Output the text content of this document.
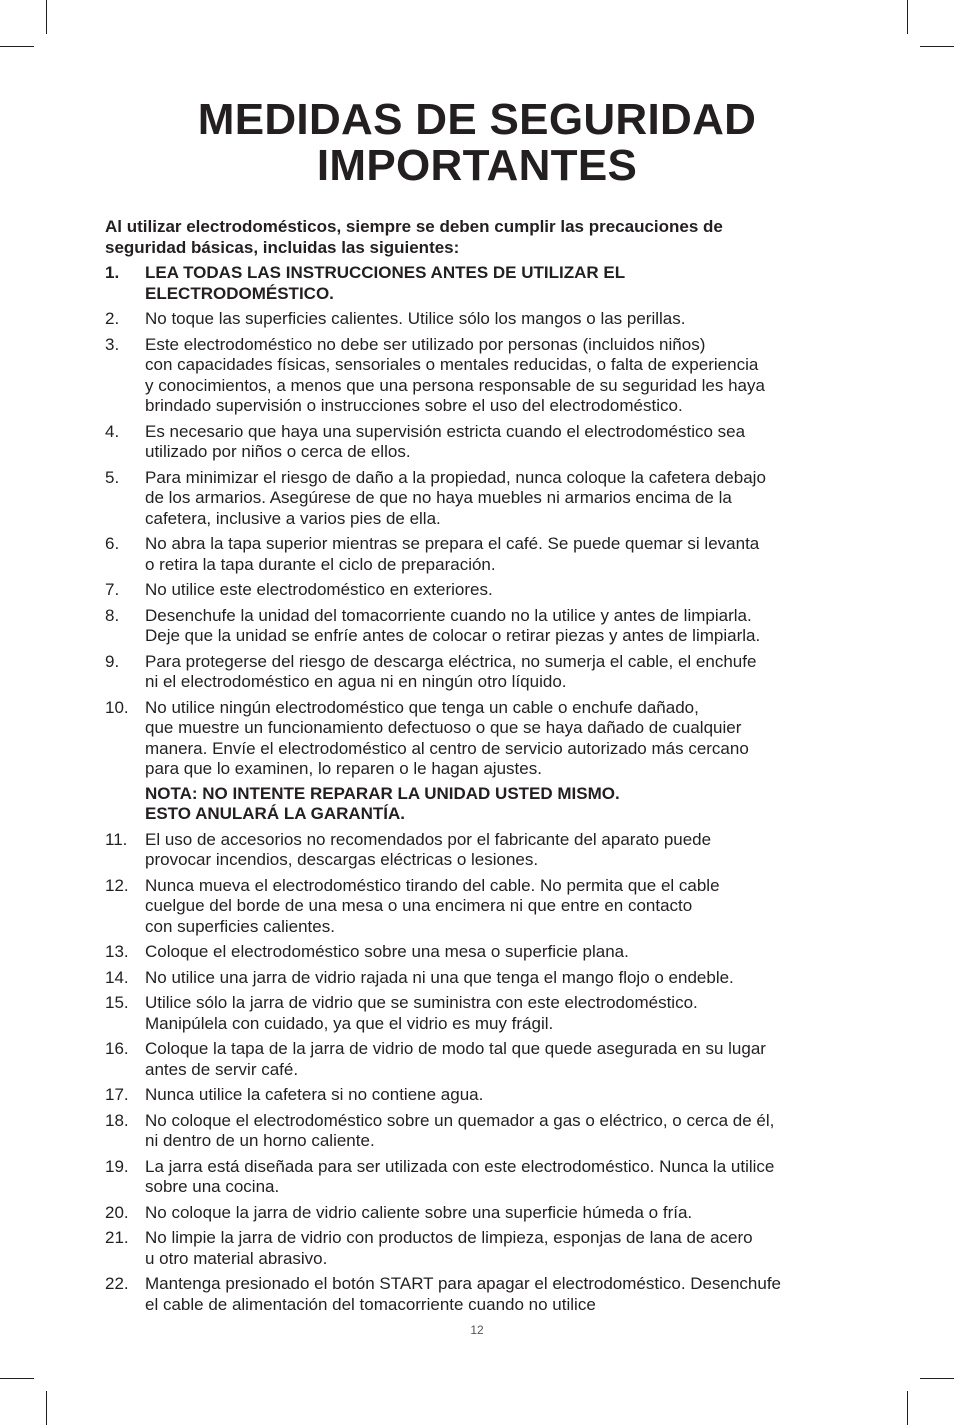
MEDIDAS DE SEGURIDAD
IMPORTANTES

Al utilizar electrodomésticos, siempre se deben cumplir las precauciones de
seguridad básicas, incluidas las siguientes:

1. LEA TODAS LAS INSTRUCCIONES ANTES DE UTILIZAR EL
ELECTRODOMÉSTICO.
2. No toque las superficies calientes. Utilice sólo los mangos o las perillas.
3. Este electrodoméstico no debe ser utilizado por personas (incluidos niños)
con capacidades físicas, sensoriales o mentales reducidas, o falta de experiencia
y conocimientos, a menos que una persona responsable de su seguridad les haya
brindado supervisión o instrucciones sobre el uso del electrodoméstico.
4. Es necesario que haya una supervisión estricta cuando el electrodoméstico sea
utilizado por niños o cerca de ellos.
5. Para minimizar el riesgo de daño a la propiedad, nunca coloque la cafetera debajo
de los armarios. Asegúrese de que no haya muebles ni armarios encima de la
cafetera, inclusive a varios pies de ella.
6. No abra la tapa superior mientras se prepara el café. Se puede quemar si levanta
o retira la tapa durante el ciclo de preparación.
7. No utilice este electrodoméstico en exteriores.
8. Desenchufe la unidad del tomacorriente cuando no la utilice y antes de limpiarla.
Deje que la unidad se enfríe antes de colocar o retirar piezas y antes de limpiarla.
9. Para protegerse del riesgo de descarga eléctrica, no sumerja el cable, el enchufe
ni el electrodoméstico en agua ni en ningún otro líquido.
10. No utilice ningún electrodoméstico que tenga un cable o enchufe dañado,
que muestre un funcionamiento defectuoso o que se haya dañado de cualquier
manera. Envíe el electrodoméstico al centro de servicio autorizado más cercano
para que lo examinen, lo reparen o le hagan ajustes.
NOTA: NO INTENTE REPARAR LA UNIDAD USTED MISMO.
ESTO ANULARÁ LA GARANTÍA.
11. El uso de accesorios no recomendados por el fabricante del aparato puede
provocar incendios, descargas eléctricas o lesiones.
12. Nunca mueva el electrodoméstico tirando del cable. No permita que el cable
cuelgue del borde de una mesa o una encimera ni que entre en contacto
con superficies calientes.
13. Coloque el electrodoméstico sobre una mesa o superficie plana.
14. No utilice una jarra de vidrio rajada ni una que tenga el mango flojo o endeble.
15. Utilice sólo la jarra de vidrio que se suministra con este electrodoméstico.
Manipúlela con cuidado, ya que el vidrio es muy frágil.
16. Coloque la tapa de la jarra de vidrio de modo tal que quede asegurada en su lugar
antes de servir café.
17. Nunca utilice la cafetera si no contiene agua.
18. No coloque el electrodoméstico sobre un quemador a gas o eléctrico, o cerca de él,
ni dentro de un horno caliente.
19. La jarra está diseñada para ser utilizada con este electrodoméstico. Nunca la utilice
sobre una cocina.
20. No coloque la jarra de vidrio caliente sobre una superficie húmeda o fría.
21. No limpie la jarra de vidrio con productos de limpieza, esponjas de lana de acero
u otro material abrasivo.
22. Mantenga presionado el botón START para apagar el electrodoméstico. Desenchufe
el cable de alimentación del tomacorriente cuando no utilice
12
